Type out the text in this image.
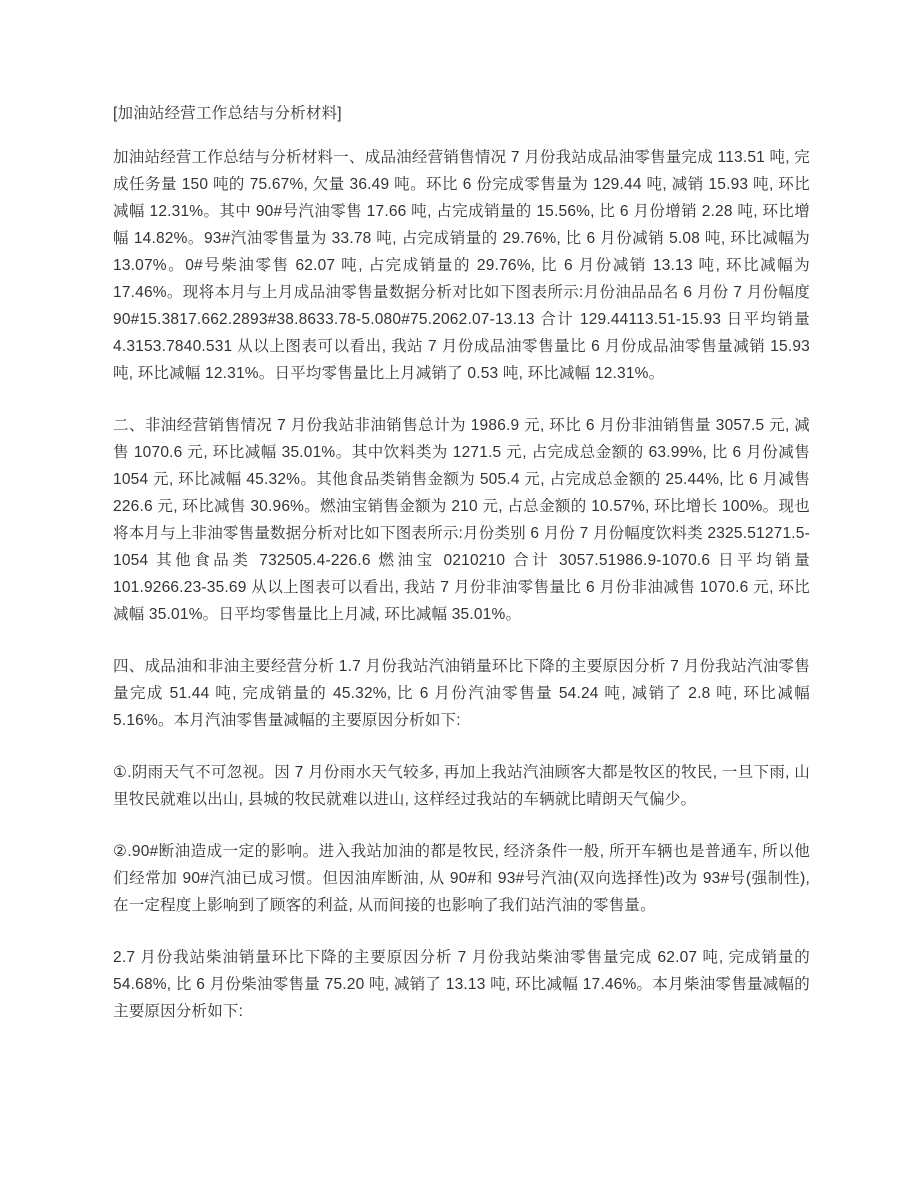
[加油站经营工作总结与分析材料]

加油站经营工作总结与分析材料一、成品油经营销售情况 7 月份我站成品油零售量完成 113.51 吨, 完成任务量 150 吨的 75.67%, 欠量 36.49 吨。环比 6 份完成零售量为 129.44 吨, 减销 15.93 吨, 环比减幅 12.31%。其中 90#号汽油零售 17.66 吨, 占完成销量的 15.56%, 比 6 月份增销 2.28 吨, 环比增幅 14.82%。93#汽油零售量为 33.78 吨, 占完成销量的 29.76%, 比 6 月份减销 5.08 吨, 环比减幅为 13.07%。0#号柴油零售 62.07 吨, 占完成销量的 29.76%, 比 6 月份减销 13.13 吨, 环比减幅为 17.46%。现将本月与上月成品油零售量数据分析对比如下图表所示:月份油品品名 6 月份 7 月份幅度 90#15.3817.662.2893#38.8633.78-5.080#75.2062.07-13.13 合计 129.44113.51-15.93 日平均销量 4.3153.7840.531 从以上图表可以看出, 我站 7 月份成品油零售量比 6 月份成品油零售量减销 15.93 吨, 环比减幅 12.31%。日平均零售量比上月减销了 0.53 吨, 环比减幅 12.31%。

二、非油经营销售情况 7 月份我站非油销售总计为 1986.9 元, 环比 6 月份非油销售量 3057.5 元, 减售 1070.6 元, 环比减幅 35.01%。其中饮料类为 1271.5 元, 占完成总金额的 63.99%, 比 6 月份减售 1054 元, 环比减幅 45.32%。其他食品类销售金额为 505.4 元, 占完成总金额的 25.44%, 比 6 月减售 226.6 元, 环比减售 30.96%。燃油宝销售金额为 210 元, 占总金额的 10.57%, 环比增长 100%。现也将本月与上非油零售量数据分析对比如下图表所示:月份类别 6 月份 7 月份幅度饮料类 2325.51271.5-1054 其他食品类 732505.4-226.6 燃油宝 0210210 合计 3057.51986.9-1070.6 日平均销量 101.9266.23-35.69 从以上图表可以看出, 我站 7 月份非油零售量比 6 月份非油减售 1070.6 元, 环比减幅 35.01%。日平均零售量比上月减, 环比减幅 35.01%。

四、成品油和非油主要经营分析 1.7 月份我站汽油销量环比下降的主要原因分析 7 月份我站汽油零售量完成 51.44 吨, 完成销量的 45.32%, 比 6 月份汽油零售量 54.24 吨, 减销了 2.8 吨, 环比减幅 5.16%。本月汽油零售量减幅的主要原因分析如下:

①.阴雨天气不可忽视。因 7 月份雨水天气较多, 再加上我站汽油顾客大都是牧区的牧民, 一旦下雨, 山里牧民就难以出山, 县城的牧民就难以进山, 这样经过我站的车辆就比晴朗天气偏少。

②.90#断油造成一定的影响。进入我站加油的都是牧民, 经济条件一般, 所开车辆也是普通车, 所以他们经常加 90#汽油已成习惯。但因油库断油, 从 90#和 93#号汽油(双向选择性)改为 93#号(强制性), 在一定程度上影响到了顾客的利益, 从而间接的也影响了我们站汽油的零售量。

2.7 月份我站柴油销量环比下降的主要原因分析 7 月份我站柴油零售量完成 62.07 吨, 完成销量的 54.68%, 比 6 月份柴油零售量 75.20 吨, 减销了 13.13 吨, 环比减幅 17.46%。本月柴油零售量减幅的主要原因分析如下:
